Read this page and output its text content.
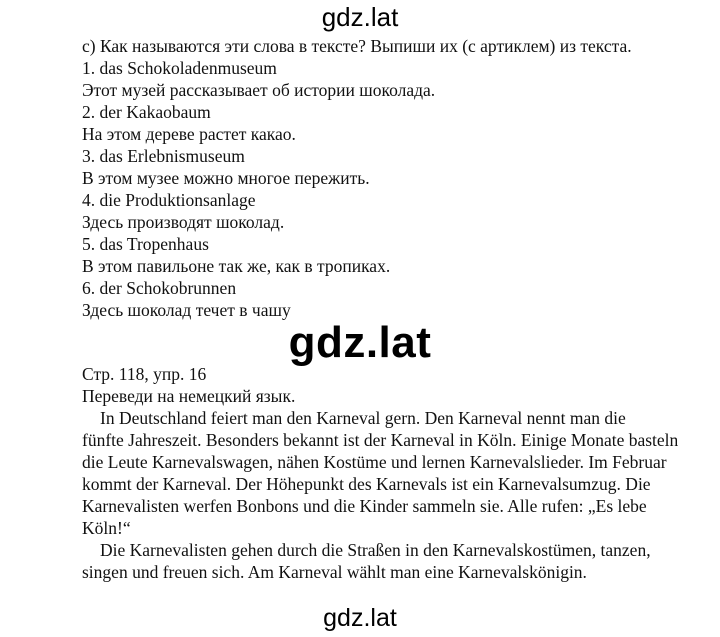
gdz.lat
c) Как называются эти слова в тексте? Выпиши их (с артиклем) из текста.
1. das Schokoladenmuseum
Этот музей рассказывает об истории шоколада.
2. der Kakaobaum
На этом дереве растет какао.
3. das Erlebnismuseum
В этом музее можно многое пережить.
4. die Produktionsanlage
Здесь производят шоколад.
5. das Tropenhaus
В этом павильоне так же, как в тропиках.
6. der Schokobrunnen
Здесь шоколад течет в чашу
gdz.lat
Стр. 118, упр. 16
Переведи на немецкий язык.
In Deutschland feiert man den Karneval gern. Den Karneval nennt man die
fünfte Jahreszeit. Besonders bekannt ist der Karneval in Köln. Einige Monate basteln
die Leute Karnevalswagen, nähen Kostüme und lernen Karnevalslieder. Im Februar
kommt der Karneval. Der Höhepunkt des Karnevals ist ein Karnevalsumzug. Die
Karnevalisten werfen Bonbons und die Kinder sammeln sie. Alle rufen: „Es lebe
Köln!“
Die Karnevalisten gehen durch die Straßen in den Karnevalskostümen, tanzen,
singen und freuen sich. Am Karneval wählt man eine Karnevalskönigin.
gdz.lat
